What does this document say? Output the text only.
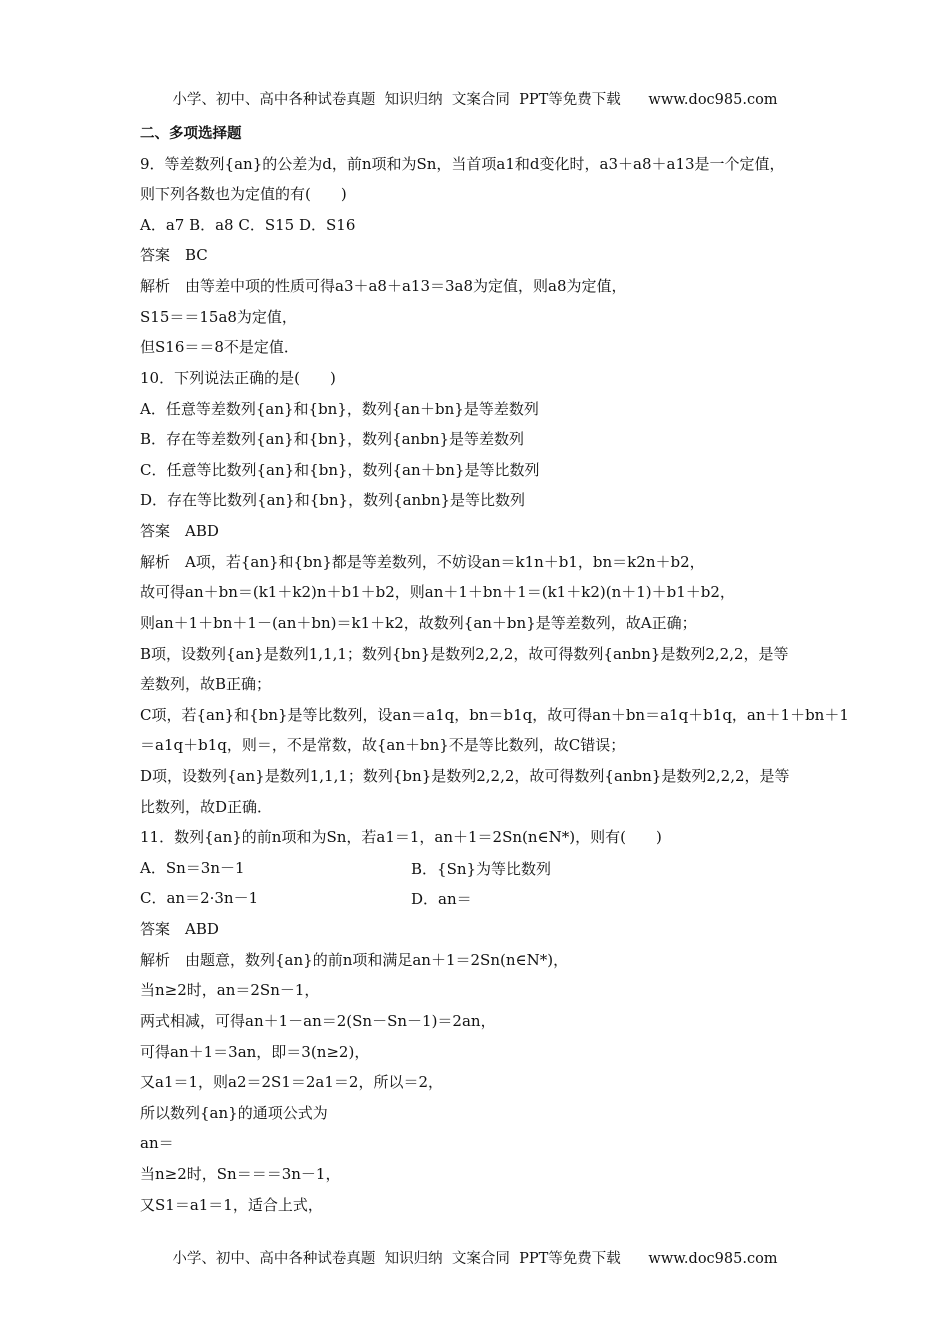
小学、初中、高中各种试卷真题  知识归纳  文案合同  PPT等免费下载      www.doc985.com
二、多项选择题
9．等差数列{an}的公差为d，前n项和为Sn，当首项a1和d变化时，a3＋a8＋a13是一个定值，
则下列各数也为定值的有(　　)
A．a7 B．a8 C．S15 D．S16
答案　BC
解析　由等差中项的性质可得a3＋a8＋a13＝3a8为定值，则a8为定值，
S15＝＝15a8为定值，
但S16＝＝8不是定值．
10．下列说法正确的是(　　)
A．任意等差数列{an}和{bn}，数列{an＋bn}是等差数列
B．存在等差数列{an}和{bn}，数列{anbn}是等差数列
C．任意等比数列{an}和{bn}，数列{an＋bn}是等比数列
D．存在等比数列{an}和{bn}，数列{anbn}是等比数列
答案　ABD
解析　A项，若{an}和{bn}都是等差数列，不妨设an＝k1n＋b1，bn＝k2n＋b2，
故可得an＋bn＝(k1＋k2)n＋b1＋b2，则an＋1＋bn＋1＝(k1＋k2)(n＋1)＋b1＋b2，
则an＋1＋bn＋1－(an＋bn)＝k1＋k2，故数列{an＋bn}是等差数列，故A正确；
B项，设数列{an}是数列1,1,1；数列{bn}是数列2,2,2，故可得数列{anbn}是数列2,2,2，是等
差数列，故B正确；
C项，若{an}和{bn}是等比数列，设an＝a1q，bn＝b1q，故可得an＋bn＝a1q＋b1q，an＋1＋bn＋1
＝a1q＋b1q，则＝，不是常数，故{an＋bn}不是等比数列，故C错误；
D项，设数列{an}是数列1,1,1；数列{bn}是数列2,2,2，故可得数列{anbn}是数列2,2,2，是等
比数列，故D正确．
11．数列{an}的前n项和为Sn，若a1＝1，an＋1＝2Sn(n∈N*)，则有(　　)
A．Sn＝3n－1	B．{Sn}为等比数列
C．an＝2·3n－1	D．an＝
答案　ABD
解析　由题意，数列{an}的前n项和满足an＋1＝2Sn(n∈N*)，
当n≥2时，an＝2Sn－1，
两式相减，可得an＋1－an＝2(Sn－Sn－1)＝2an，
可得an＋1＝3an，即＝3(n≥2)，
又a1＝1，则a2＝2S1＝2a1＝2，所以＝2，
所以数列{an}的通项公式为
an＝
当n≥2时，Sn＝＝＝3n－1，
又S1＝a1＝1，适合上式，
小学、初中、高中各种试卷真题  知识归纳  文案合同  PPT等免费下载      www.doc985.com
